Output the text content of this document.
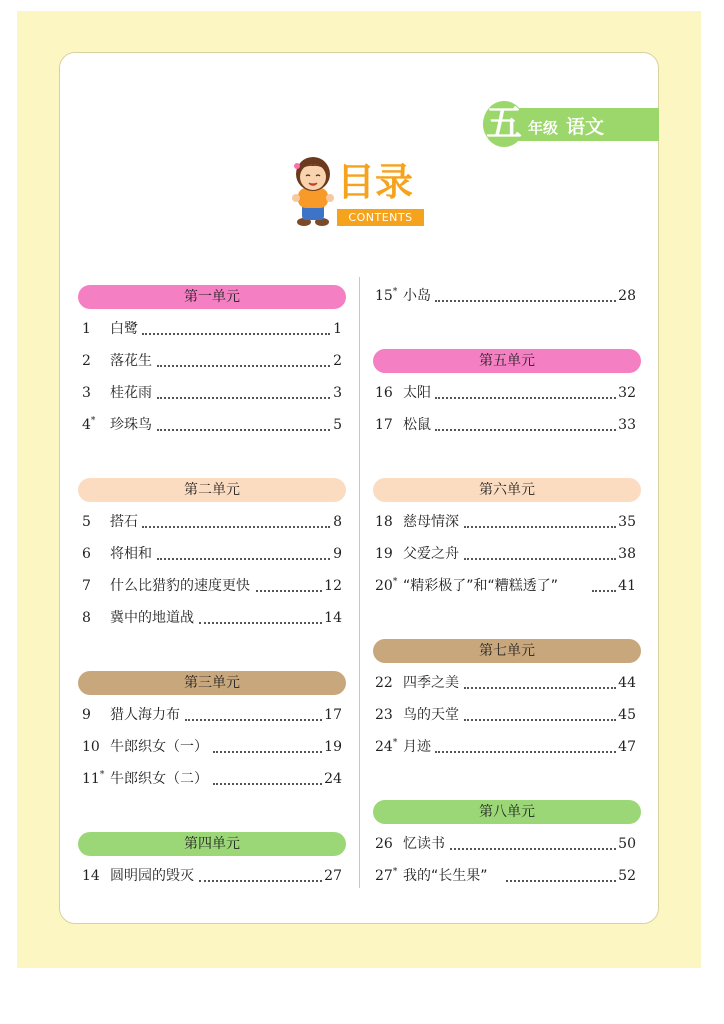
五 年级 语文
目录
CONTENTS
第一单元
第二单元
第三单元
第四单元
第五单元
第六单元
第七单元
第八单元
1 白鹭	1
2 落花生	2
3 桂花雨	3
4* 珍珠鸟	5
5 搭石	8
6 将相和	9
7 什么比猎豹的速度更快	12
8 冀中的地道战	14
9 猎人海力布	17
10 牛郎织女（一）	19
11* 牛郎织女（二）	24
14 圆明园的毁灭	27
15* 小岛	28
16 太阳	32
17 松鼠	33
18 慈母情深	35
19 父爱之舟	38
20* “精彩极了”和“糟糕透了”	41
22 四季之美	44
23 鸟的天堂	45
24* 月迹	47
26 忆读书	50
27* 我的“长生果”	52
